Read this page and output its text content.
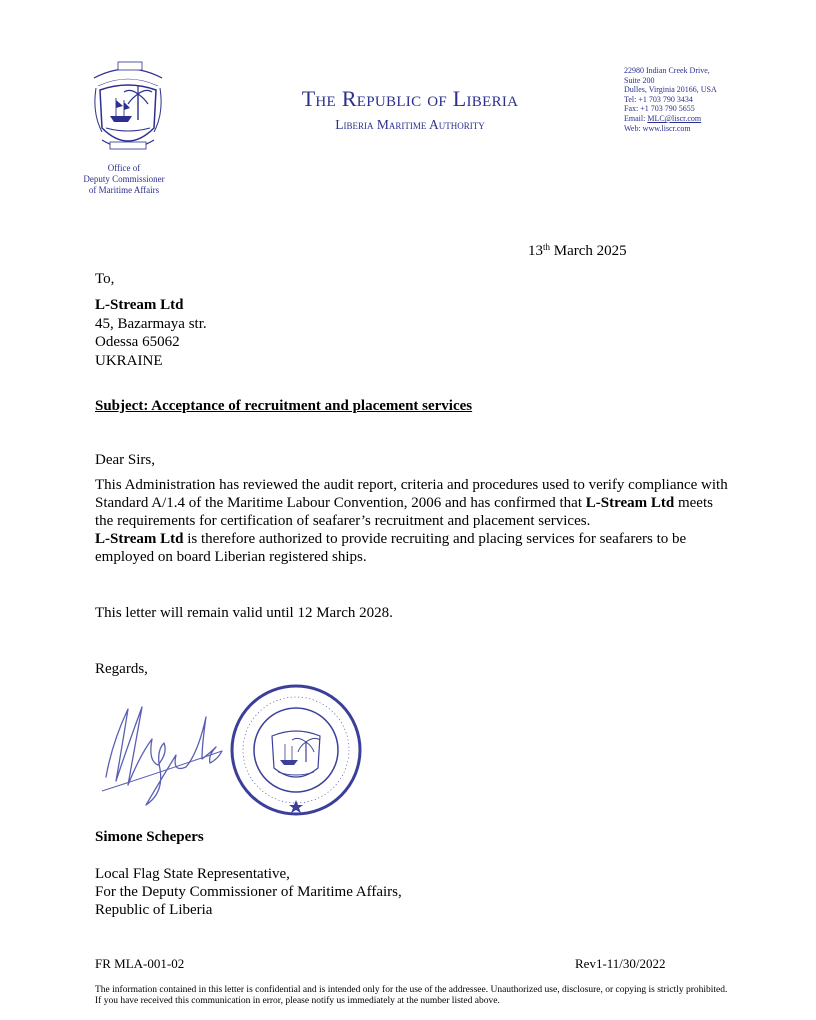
Office of
Deputy Commissioner
of Maritime Affairs
The Republic of Liberia
Liberia Maritime Authority
22980 Indian Creek Drive,
Suite 200
Dulles, Virginia 20166, USA
Tel: +1 703 790 3434
Fax: +1 703 790 5655
Email: MLC@liscr.com
Web: www.liscr.com
13th March 2025
To,
L-Stream Ltd
45, Bazarmaya str.
Odessa 65062
UKRAINE
Subject: Acceptance of recruitment and placement services
Dear Sirs,

This Administration has reviewed the audit report, criteria and procedures used to verify compliance with Standard A/1.4 of the Maritime Labour Convention, 2006 and has confirmed that L-Stream Ltd meets the requirements for certification of seafarer’s recruitment and placement services.

L-Stream Ltd is therefore authorized to provide recruiting and placing services for seafarers to be employed on board Liberian registered ships.

This letter will remain valid until 12 March 2028.
Regards,
Simone Schepers
Local Flag State Representative,
For the Deputy Commissioner of Maritime Affairs,
Republic of Liberia
FR MLA-001-02	Rev1-11/30/2022
The information contained in this letter is confidential and is intended only for the use of the addressee. Unauthorized use, disclosure, or copying is strictly prohibited. If you have received this communication in error, please notify us immediately at the number listed above.
